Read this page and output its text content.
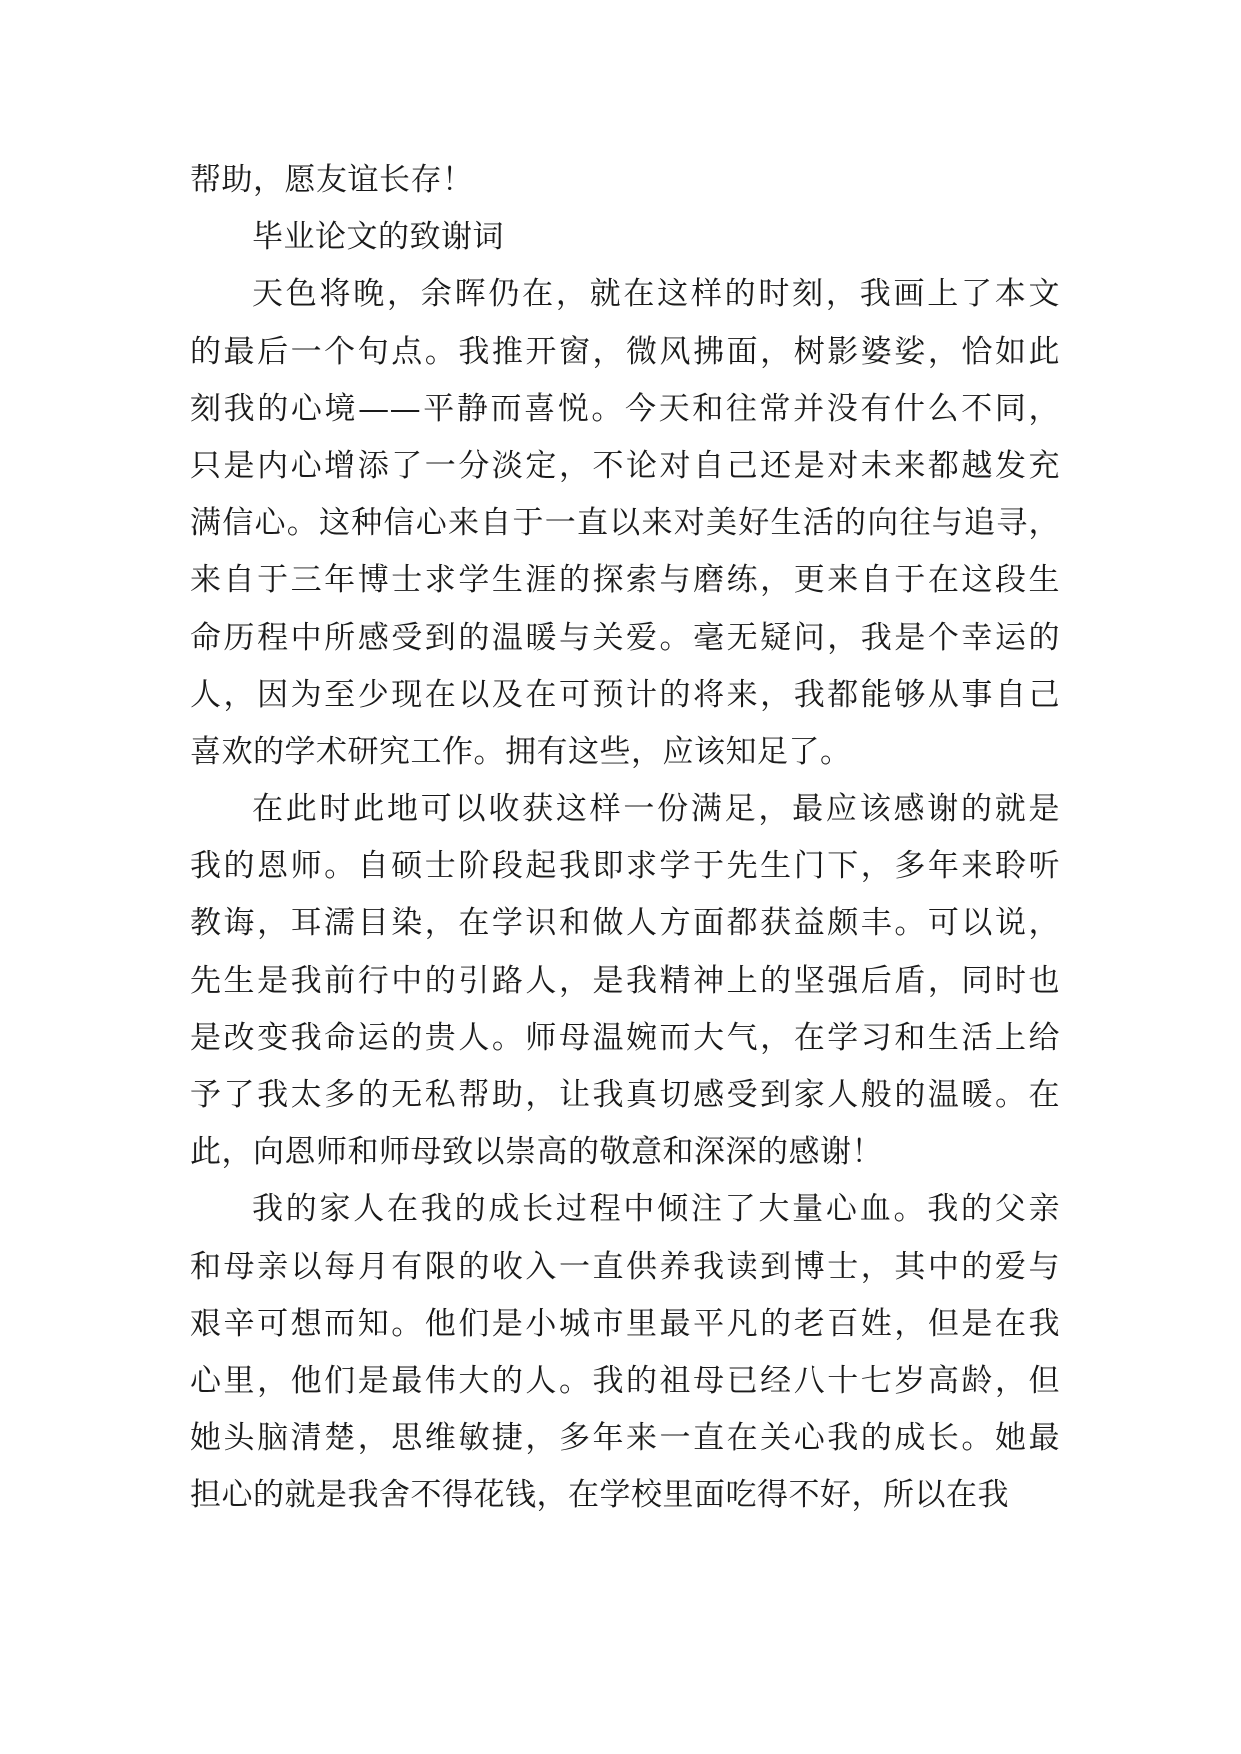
帮助，愿友谊长存！

毕业论文的致谢词

天色将晚，余晖仍在，就在这样的时刻，我画上了本文
的最后一个句点。我推开窗，微风拂面，树影婆娑，恰如此
刻我的心境——平静而喜悦。今天和往常并没有什么不同，
只是内心增添了一分淡定，不论对自己还是对未来都越发充
满信心。这种信心来自于一直以来对美好生活的向往与追寻，
来自于三年博士求学生涯的探索与磨练，更来自于在这段生
命历程中所感受到的温暖与关爱。毫无疑问，我是个幸运的
人，因为至少现在以及在可预计的将来，我都能够从事自己
喜欢的学术研究工作。拥有这些，应该知足了。

在此时此地可以收获这样一份满足，最应该感谢的就是
我的恩师。自硕士阶段起我即求学于先生门下，多年来聆听
教诲，耳濡目染，在学识和做人方面都获益颇丰。可以说，
先生是我前行中的引路人，是我精神上的坚强后盾，同时也
是改变我命运的贵人。师母温婉而大气，在学习和生活上给
予了我太多的无私帮助，让我真切感受到家人般的温暖。在
此，向恩师和师母致以崇高的敬意和深深的感谢！

我的家人在我的成长过程中倾注了大量心血。我的父亲
和母亲以每月有限的收入一直供养我读到博士，其中的爱与
艰辛可想而知。他们是小城市里最平凡的老百姓，但是在我
心里，他们是最伟大的人。我的祖母已经八十七岁高龄，但
她头脑清楚，思维敏捷，多年来一直在关心我的成长。她最
担心的就是我舍不得花钱，在学校里面吃得不好，所以在我
